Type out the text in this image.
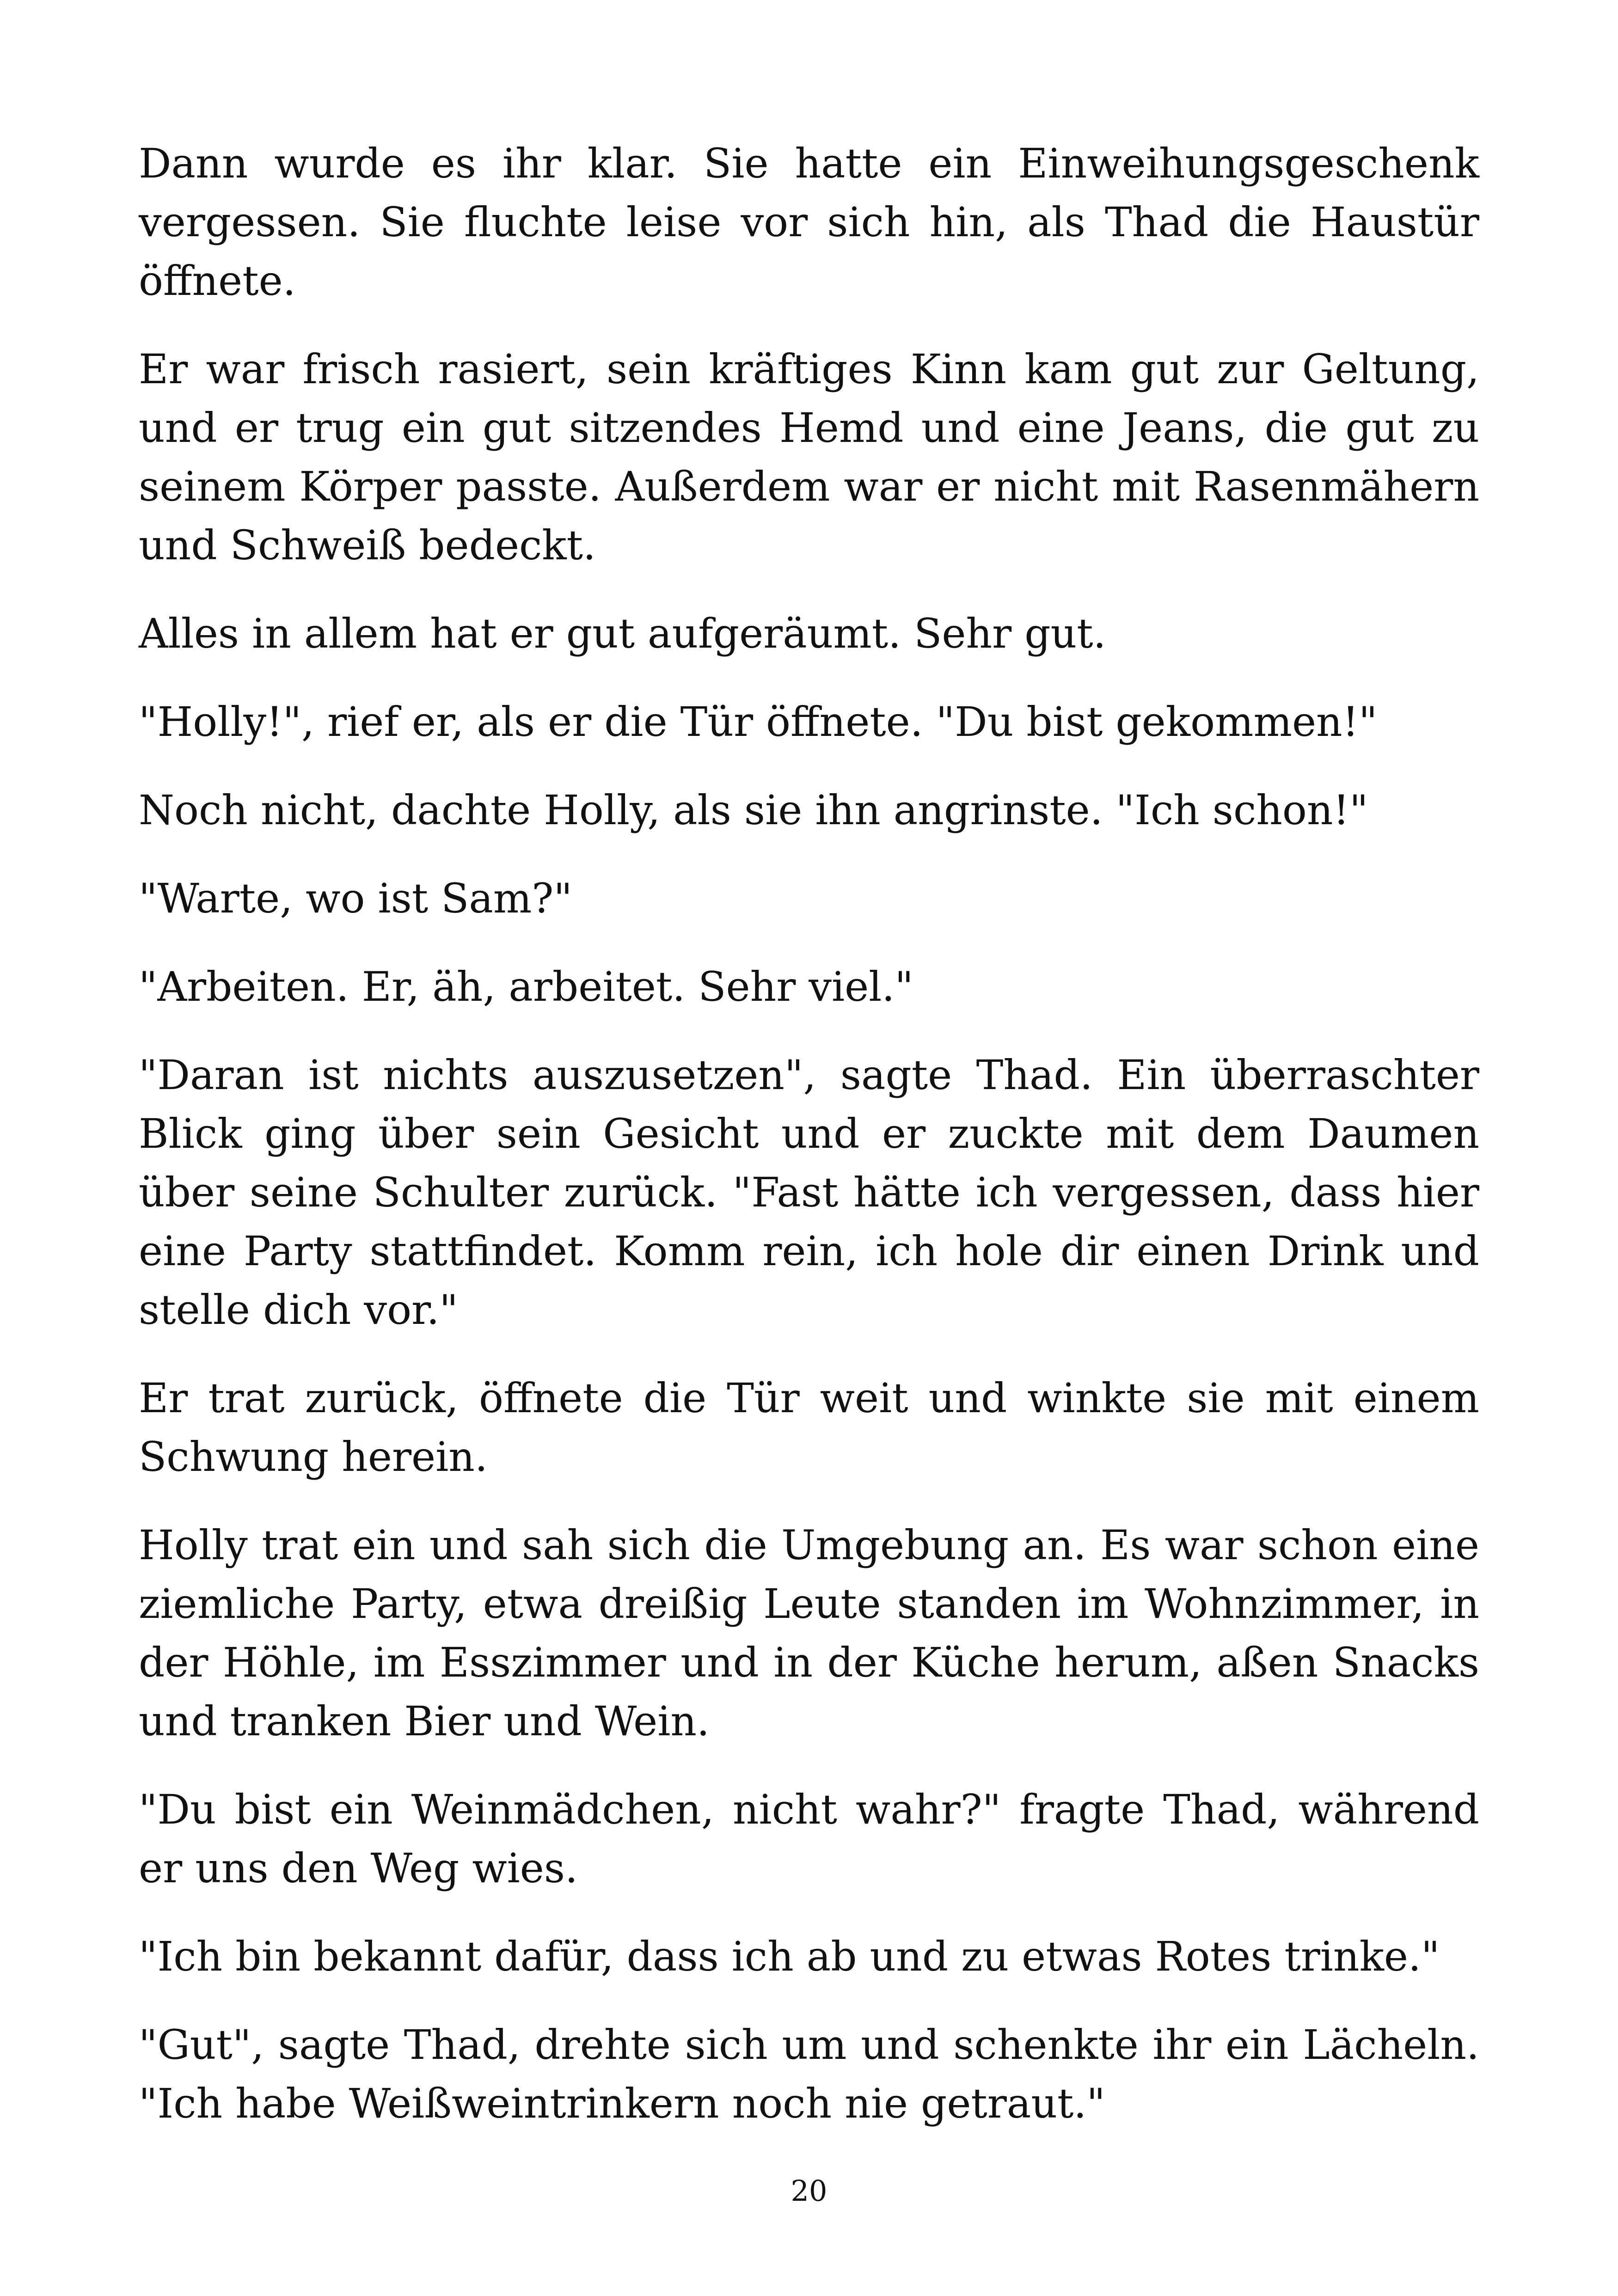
Dann wurde es ihr klar. Sie hatte ein Einweihungsgeschenk vergessen. Sie fluchte leise vor sich hin, als Thad die Haustür öffnete.

Er war frisch rasiert, sein kräftiges Kinn kam gut zur Geltung, und er trug ein gut sitzendes Hemd und eine Jeans, die gut zu seinem Körper passte. Außerdem war er nicht mit Rasenmähern und Schweiß bedeckt.

Alles in allem hat er gut aufgeräumt. Sehr gut.

"Holly!", rief er, als er die Tür öffnete. "Du bist gekommen!"

Noch nicht, dachte Holly, als sie ihn angrinste. "Ich schon!"

"Warte, wo ist Sam?"

"Arbeiten. Er, äh, arbeitet. Sehr viel."

"Daran ist nichts auszusetzen", sagte Thad. Ein überraschter Blick ging über sein Gesicht und er zuckte mit dem Daumen über seine Schulter zurück. "Fast hätte ich vergessen, dass hier eine Party stattfindet. Komm rein, ich hole dir einen Drink und stelle dich vor."

Er trat zurück, öffnete die Tür weit und winkte sie mit einem Schwung herein.

Holly trat ein und sah sich die Umgebung an. Es war schon eine ziemliche Party, etwa dreißig Leute standen im Wohnzimmer, in der Höhle, im Esszimmer und in der Küche herum, aßen Snacks und tranken Bier und Wein.

"Du bist ein Weinmädchen, nicht wahr?" fragte Thad, während er uns den Weg wies.

"Ich bin bekannt dafür, dass ich ab und zu etwas Rotes trinke."

"Gut", sagte Thad, drehte sich um und schenkte ihr ein Lächeln. "Ich habe Weißweintrinkern noch nie getraut."

20
